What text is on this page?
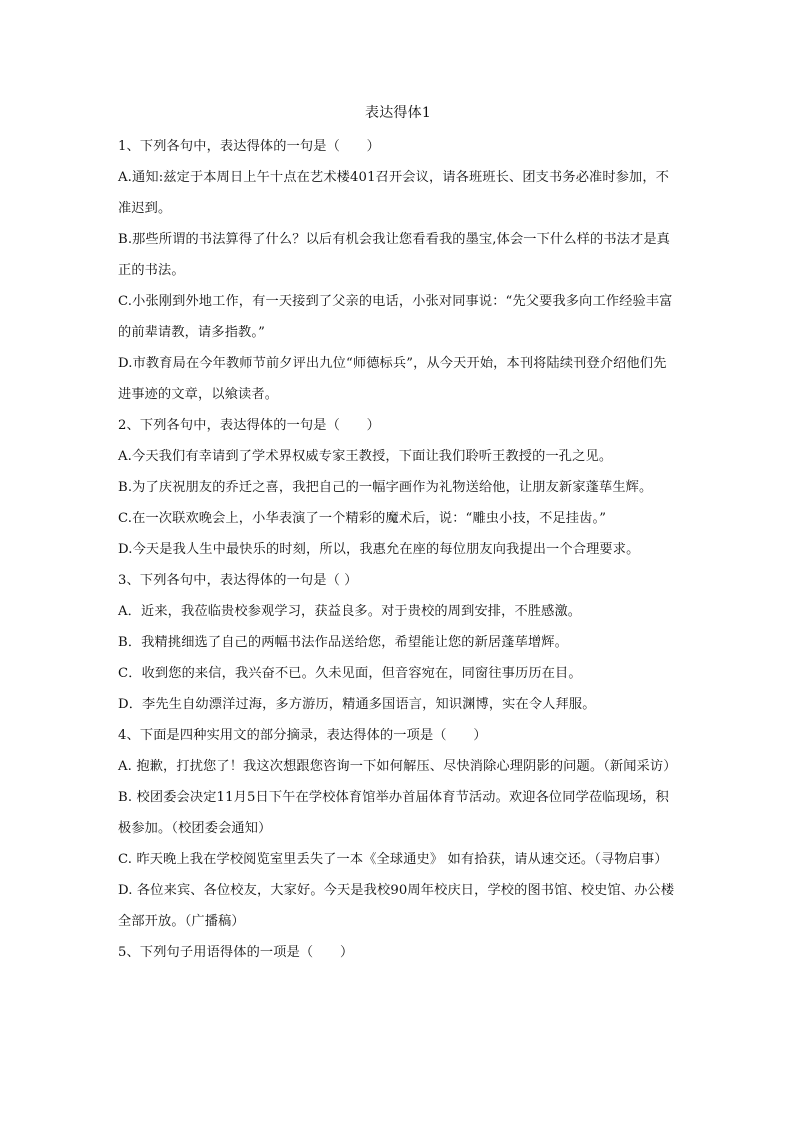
表达得体1

1、下列各句中，表达得体的一句是（　　）

A.通知:兹定于本周日上午十点在艺术楼401召开会议，请各班班长、团支书务必准时参加，不准迟到。

B.那些所谓的书法算得了什么？以后有机会我让您看看我的墨宝,体会一下什么样的书法才是真正的书法。

C.小张刚到外地工作，有一天接到了父亲的电话，小张对同事说：“先父要我多向工作经验丰富的前辈请教，请多指教。”

D.市教育局在今年教师节前夕评出九位“师德标兵”，从今天开始，本刊将陆续刊登介绍他们先进事迹的文章，以飨读者。

2、下列各句中，表达得体的一句是（　　）

A.今天我们有幸请到了学术界权威专家王教授，下面让我们聆听王教授的一孔之见。

B.为了庆祝朋友的乔迁之喜，我把自己的一幅字画作为礼物送给他，让朋友新家蓬荜生辉。

C.在一次联欢晚会上，小华表演了一个精彩的魔术后，说：“雕虫小技，不足挂齿。”

D.今天是我人生中最快乐的时刻，所以，我惠允在座的每位朋友向我提出一个合理要求。

3、下列各句中，表达得体的一句是（ ）

A．近来，我莅临贵校参观学习，获益良多。对于贵校的周到安排，不胜感激。

B．我精挑细选了自己的两幅书法作品送给您，希望能让您的新居蓬荜增辉。

C．收到您的来信，我兴奋不已。久未见面，但音容宛在，同窗往事历历在目。

D．李先生自幼漂洋过海，多方游历，精通多国语言，知识渊博，实在令人拜服。

4、下面是四种实用文的部分摘录，表达得体的一项是（　　）

A. 抱歉，打扰您了！我这次想跟您咨询一下如何解压、尽快消除心理阴影的问题。（新闻采访）

B. 校团委会决定11月5日下午在学校体育馆举办首届体育节活动。欢迎各位同学莅临现场，积极参加。（校团委会通知）

C. 昨天晚上我在学校阅览室里丢失了一本《全球通史》 如有拾获，请从速交还。（寻物启事）

D. 各位来宾、各位校友，大家好。今天是我校90周年校庆日，学校的图书馆、校史馆、办公楼全部开放。（广播稿）

5、下列句子用语得体的一项是（　　）
